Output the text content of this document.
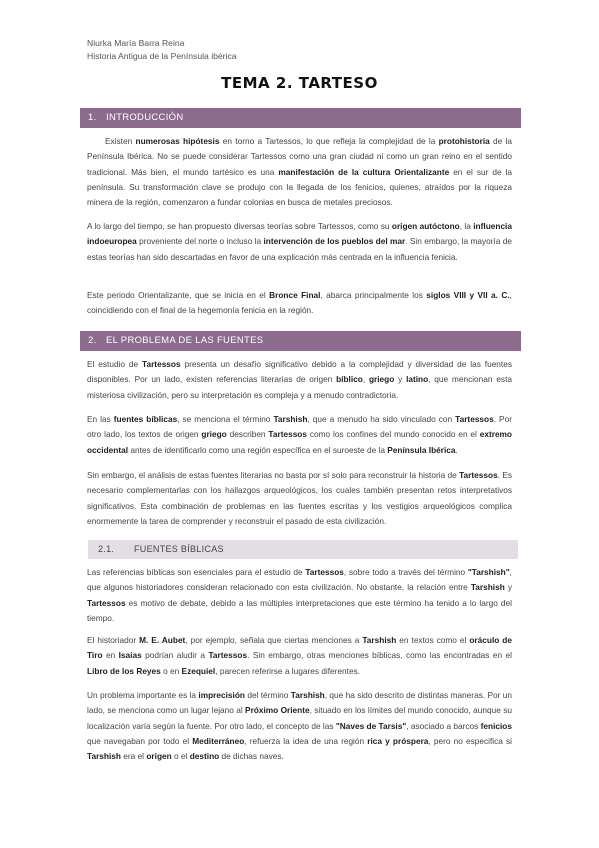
Niurka María Barra Reina
Historia Antigua de la Península ibérica
TEMA 2. TARTESO
1. INTRODUCCIÓN
Existen numerosas hipótesis en torno a Tartessos, lo que refleja la complejidad de la protohistoria de la Península Ibérica. No se puede considerar Tartessos como una gran ciudad ni como un gran reino en el sentido tradicional. Más bien, el mundo tartésico es una manifestación de la cultura Orientalizante en el sur de la península. Su transformación clave se produjo con la llegada de los fenicios, quienes, atraídos por la riqueza minera de la región, comenzaron a fundar colonias en busca de metales preciosos.
A lo largo del tiempo, se han propuesto diversas teorías sobre Tartessos, como su origen autóctono, la influencia indoeuropea proveniente del norte o incluso la intervención de los pueblos del mar. Sin embargo, la mayoría de estas teorías han sido descartadas en favor de una explicación más centrada en la influencia fenicia.
Este periodo Orientalizante, que se inicia en el Bronce Final, abarca principalmente los siglos VIII y VII a. C., coincidiendo con el final de la hegemonía fenicia en la región.
2. EL PROBLEMA DE LAS FUENTES
El estudio de Tartessos presenta un desafío significativo debido a la complejidad y diversidad de las fuentes disponibles. Por un lado, existen referencias literarias de origen bíblico, griego y latino, que mencionan esta misteriosa civilización, pero su interpretación es compleja y a menudo contradictoria.
En las fuentes bíblicas, se menciona el término Tarshish, que a menudo ha sido vinculado con Tartessos. Por otro lado, los textos de origen griego describen Tartessos como los confines del mundo conocido en el extremo occidental antes de identificarlo como una región específica en el suroeste de la Península Ibérica.
Sin embargo, el análisis de estas fuentes literarias no basta por sí solo para reconstruir la historia de Tartessos. Es necesario complementarlas con los hallazgos arqueológicos, los cuales también presentan retos interpretativos significativos. Esta combinación de problemas en las fuentes escritas y los vestigios arqueológicos complica enormemente la tarea de comprender y reconstruir el pasado de esta civilización.
2.1. FUENTES BÍBLICAS
Las referencias bíblicas son esenciales para el estudio de Tartessos, sobre todo a través del término "Tarshish", que algunos historiadores consideran relacionado con esta civilización. No obstante, la relación entre Tarshish y Tartessos es motivo de debate, debido a las múltiples interpretaciones que este término ha tenido a lo largo del tiempo.
El historiador M. E. Aubet, por ejemplo, señala que ciertas menciones a Tarshish en textos como el oráculo de Tiro en Isaías podrían aludir a Tartessos. Sin embargo, otras menciones bíblicas, como las encontradas en el Libro de los Reyes o en Ezequiel, parecen referirse a lugares diferentes.
Un problema importante es la imprecisión del término Tarshish, que ha sido descrito de distintas maneras. Por un lado, se menciona como un lugar lejano al Próximo Oriente, situado en los límites del mundo conocido, aunque su localización varía según la fuente. Por otro lado, el concepto de las "Naves de Tarsis", asociado a barcos fenicios que navegaban por todo el Mediterráneo, refuerza la idea de una región rica y próspera, pero no especifica si Tarshish era el origen o el destino de dichas naves.
